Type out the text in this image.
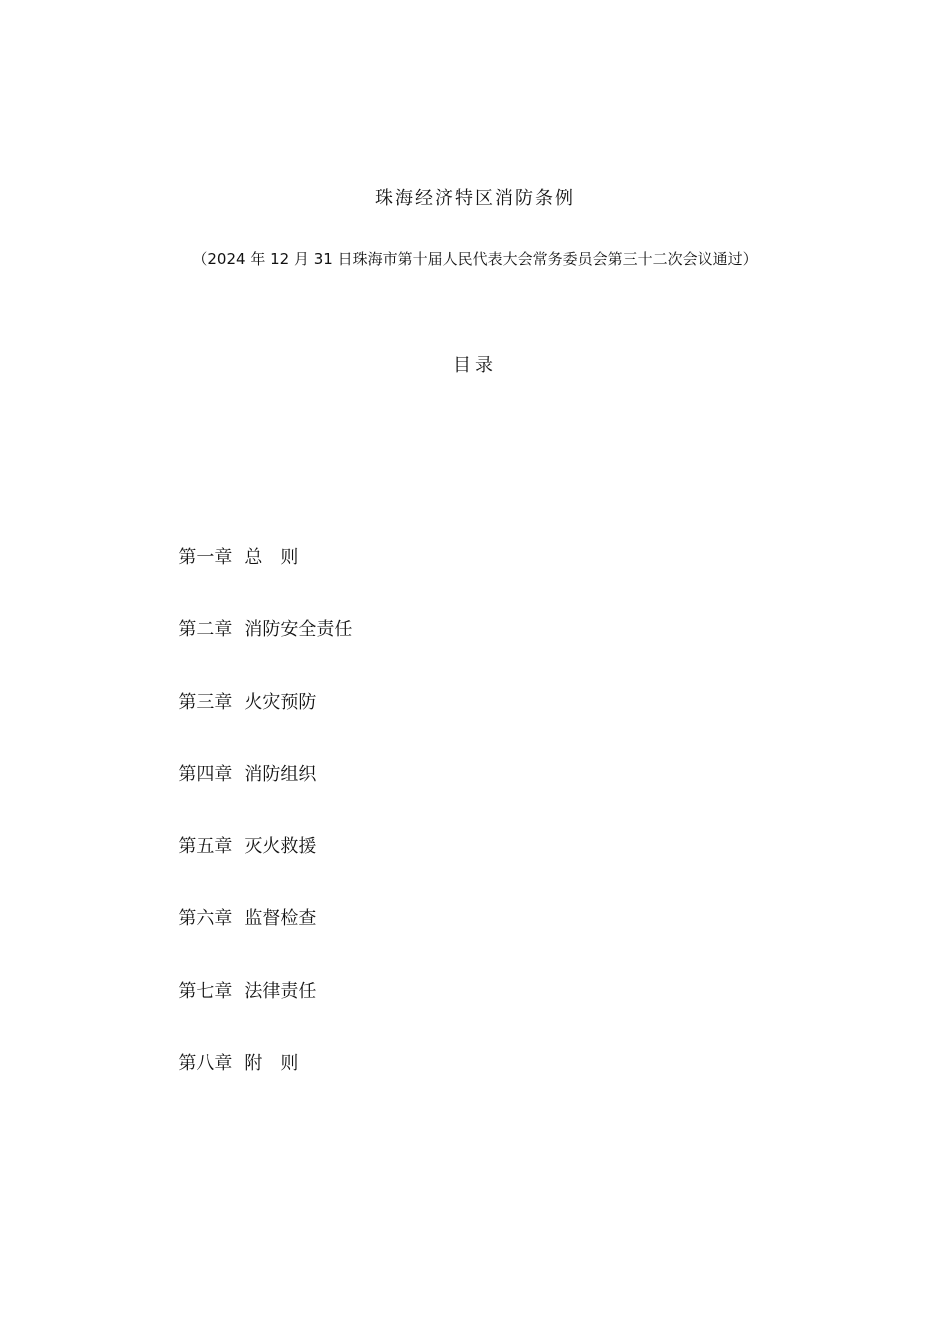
珠海经济特区消防条例
（2024 年 12 月 31 日珠海市第十届人民代表大会常务委员会第三十二次会议通过）
目录

第一章 总　则

第二章 消防安全责任

第三章 火灾预防

第四章 消防组织

第五章 灭火救援

第六章 监督检查

第七章 法律责任

第八章 附　则
